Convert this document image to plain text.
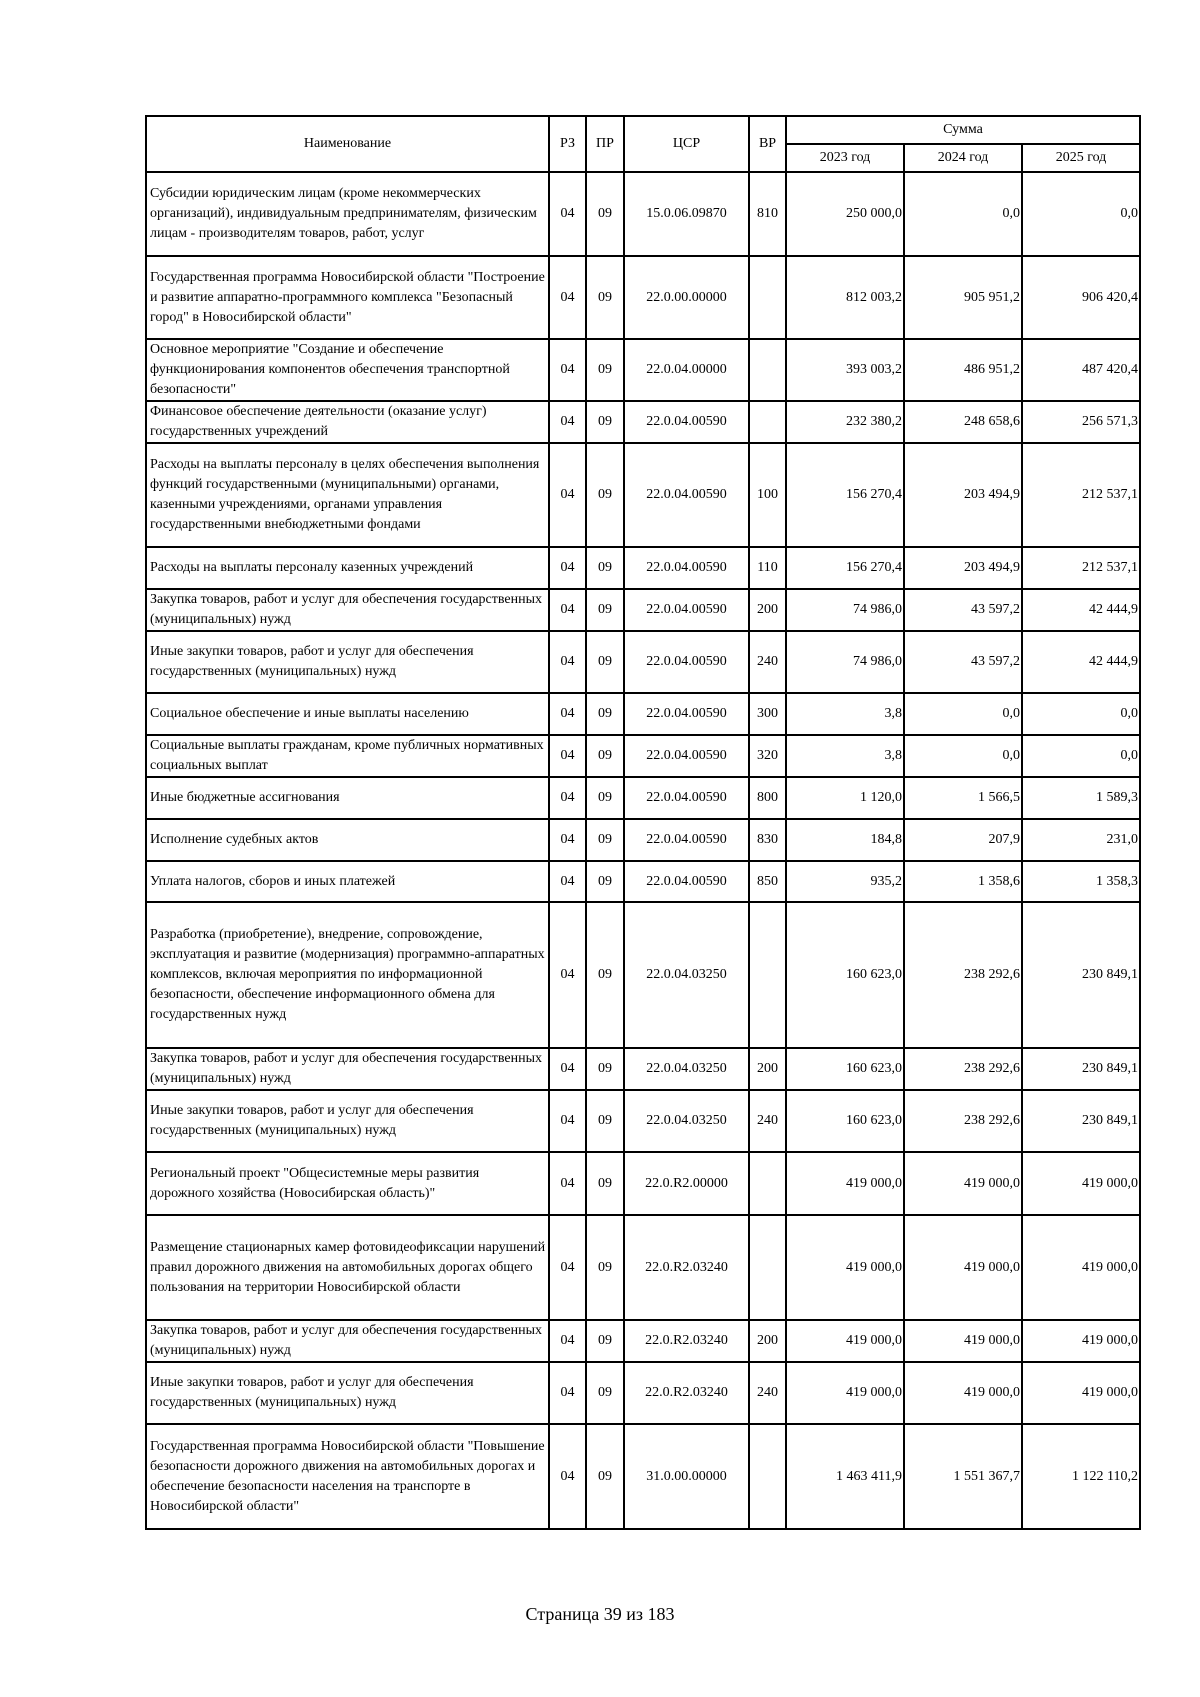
Наименование	РЗ	ПР	ЦСР	ВР	Сумма		
					2023 год	2024 год	2025 год
Субсидии юридическим лицам (кроме некоммерческих организаций), индивидуальным предпринимателям, физическим лицам - производителям товаров, работ, услуг	04	09	15.0.06.09870	810	250 000,0	0,0	0,0
Государственная программа Новосибирской области "Построение и развитие аппаратно-программного комплекса "Безопасный город" в Новосибирской области"	04	09	22.0.00.00000		812 003,2	905 951,2	906 420,4
Основное мероприятие "Создание и обеспечение функционирования компонентов обеспечения транспортной безопасности"	04	09	22.0.04.00000		393 003,2	486 951,2	487 420,4
Финансовое обеспечение деятельности (оказание услуг) государственных учреждений	04	09	22.0.04.00590		232 380,2	248 658,6	256 571,3
Расходы на выплаты персоналу в целях обеспечения выполнения функций государственными (муниципальными) органами, казенными учреждениями, органами управления государственными внебюджетными фондами	04	09	22.0.04.00590	100	156 270,4	203 494,9	212 537,1
Расходы на выплаты персоналу казенных учреждений	04	09	22.0.04.00590	110	156 270,4	203 494,9	212 537,1
Закупка товаров, работ и услуг для обеспечения государственных (муниципальных) нужд	04	09	22.0.04.00590	200	74 986,0	43 597,2	42 444,9
Иные закупки товаров, работ и услуг для обеспечения государственных (муниципальных) нужд	04	09	22.0.04.00590	240	74 986,0	43 597,2	42 444,9
Социальное обеспечение и иные выплаты населению	04	09	22.0.04.00590	300	3,8	0,0	0,0
Социальные выплаты гражданам, кроме публичных нормативных социальных выплат	04	09	22.0.04.00590	320	3,8	0,0	0,0
Иные бюджетные ассигнования	04	09	22.0.04.00590	800	1 120,0	1 566,5	1 589,3
Исполнение судебных актов	04	09	22.0.04.00590	830	184,8	207,9	231,0
Уплата налогов, сборов и иных платежей	04	09	22.0.04.00590	850	935,2	1 358,6	1 358,3
Разработка (приобретение), внедрение, сопровождение, эксплуатация и развитие (модернизация) программно-аппаратных комплексов, включая мероприятия по информационной безопасности, обеспечение информационного обмена для государственных нужд	04	09	22.0.04.03250		160 623,0	238 292,6	230 849,1
Закупка товаров, работ и услуг для обеспечения государственных (муниципальных) нужд	04	09	22.0.04.03250	200	160 623,0	238 292,6	230 849,1
Иные закупки товаров, работ и услуг для обеспечения государственных (муниципальных) нужд	04	09	22.0.04.03250	240	160 623,0	238 292,6	230 849,1
Региональный проект "Общесистемные меры развития дорожного хозяйства (Новосибирская область)"	04	09	22.0.R2.00000		419 000,0	419 000,0	419 000,0
Размещение стационарных камер фотовидеофиксации нарушений правил дорожного движения на автомобильных дорогах общего пользования на территории Новосибирской области	04	09	22.0.R2.03240		419 000,0	419 000,0	419 000,0
Закупка товаров, работ и услуг для обеспечения государственных (муниципальных) нужд	04	09	22.0.R2.03240	200	419 000,0	419 000,0	419 000,0
Иные закупки товаров, работ и услуг для обеспечения государственных (муниципальных) нужд	04	09	22.0.R2.03240	240	419 000,0	419 000,0	419 000,0
Государственная программа Новосибирской области "Повышение безопасности дорожного движения на автомобильных дорогах и обеспечение безопасности населения на транспорте в Новосибирской области"	04	09	31.0.00.00000		1 463 411,9	1 551 367,7	1 122 110,2
Страница 39 из 183
